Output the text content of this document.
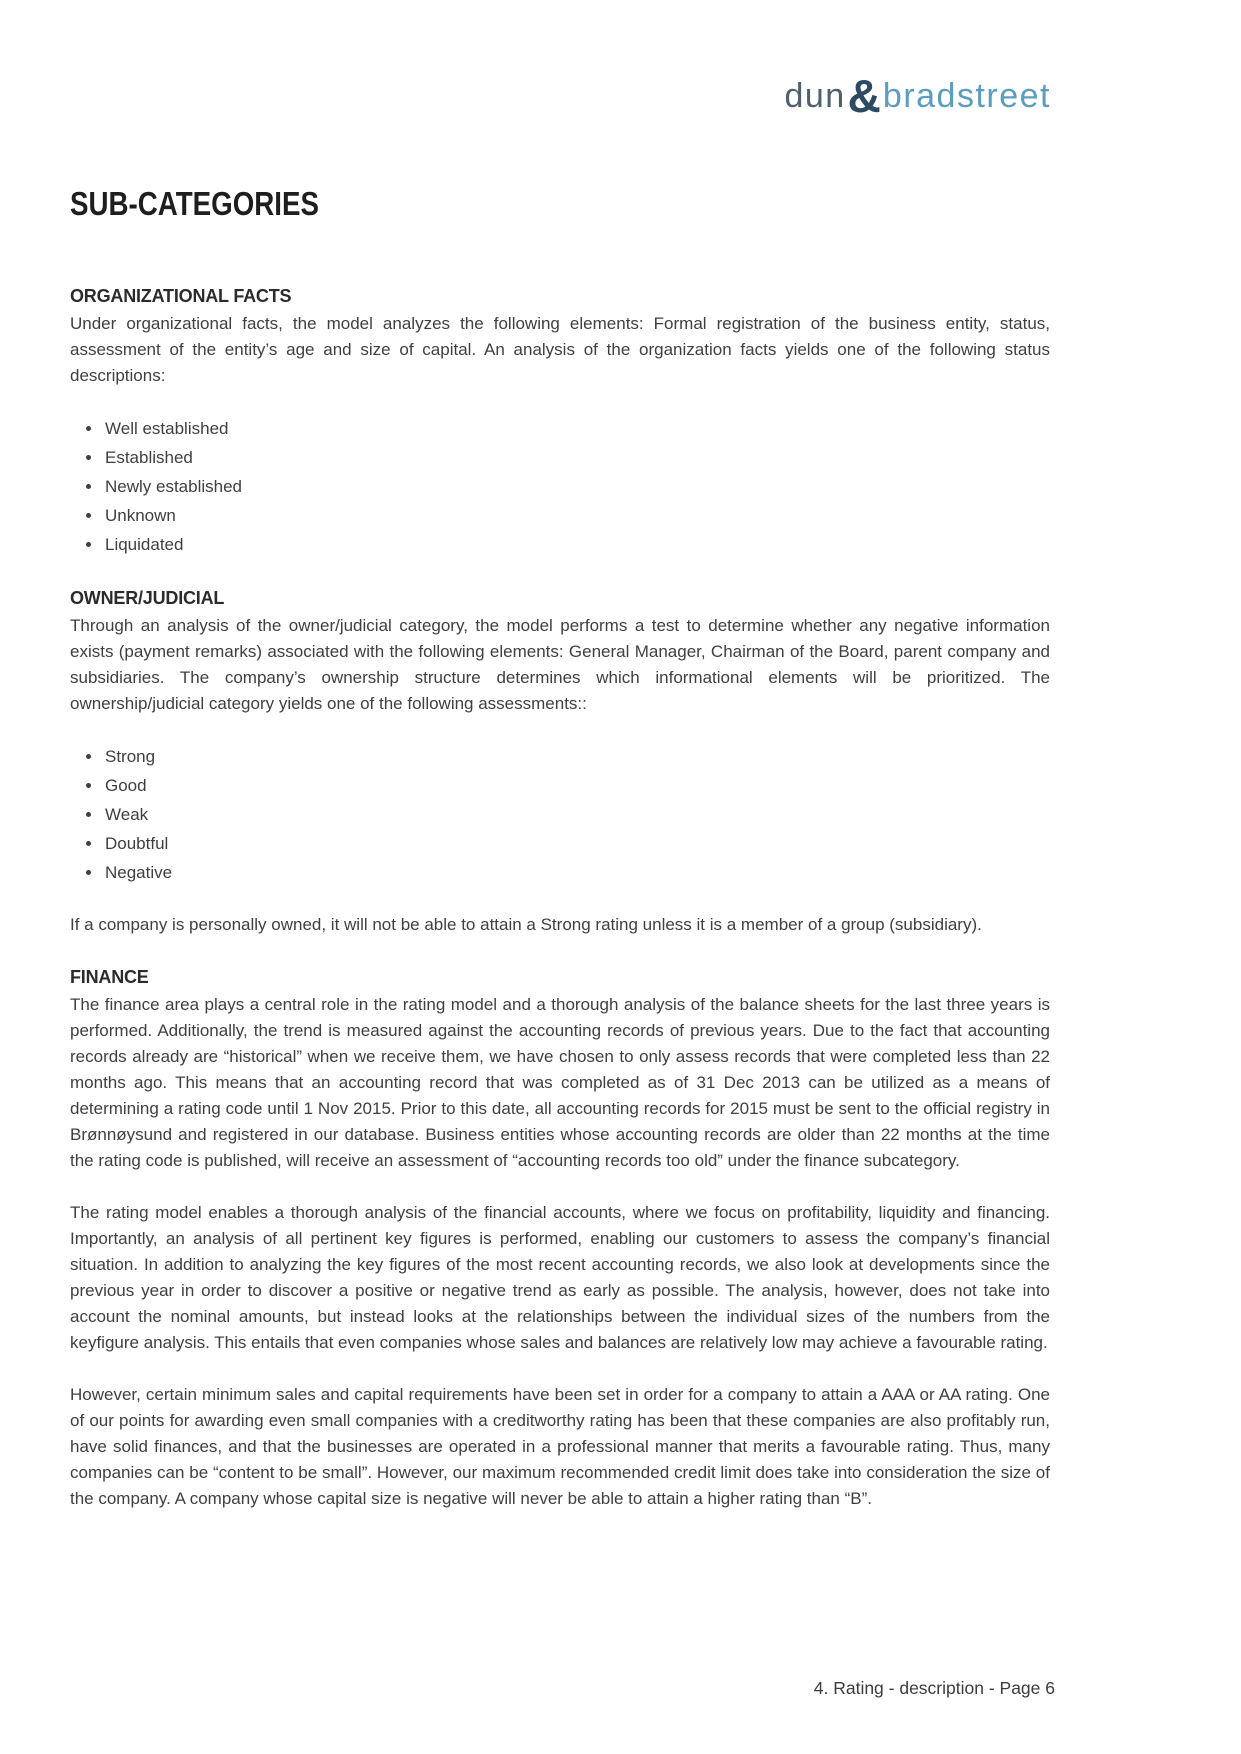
dun & bradstreet
SUB-CATEGORIES
ORGANIZATIONAL FACTS

Under organizational facts, the model analyzes the following elements: Formal registration of the business entity, status, assessment of the entity’s age and size of capital. An analysis of the organization facts yields one of the following status descriptions:

• Well established
• Established
• Newly established
• Unknown
• Liquidated
OWNER/JUDICIAL

Through an analysis of the owner/judicial category, the model performs a test to determine whether any negative information exists (payment remarks) associated with the following elements: General Manager, Chairman of the Board, parent company and subsidiaries. The company’s ownership structure determines which informational elements will be prioritized. The ownership/judicial category yields one of the following assessments::

• Strong
• Good
• Weak
• Doubtful
• Negative

If a company is personally owned, it will not be able to attain a Strong rating unless it is a member of a group (subsidiary).

FINANCE

The finance area plays a central role in the rating model and a thorough analysis of the balance sheets for the last three years is performed. Additionally, the trend is measured against the accounting records of previous years. Due to the fact that accounting records already are “historical” when we receive them, we have chosen to only assess records that were completed less than 22 months ago. This means that an accounting record that was completed as of 31 Dec 2013 can be utilized as a means of determining a rating code until 1 Nov 2015. Prior to this date, all accounting records for 2015 must be sent to the official registry in Brønnøysund and registered in our database. Business entities whose accounting records are older than 22 months at the time the rating code is published, will receive an assessment of “accounting records too old” under the finance subcategory.

The rating model enables a thorough analysis of the financial accounts, where we focus on profitability, liquidity and financing. Importantly, an analysis of all pertinent key figures is performed, enabling our customers to assess the company’s financial situation. In addition to analyzing the key figures of the most recent accounting records, we also look at developments since the previous year in order to discover a positive or negative trend as early as possible. The analysis, however, does not take into account the nominal amounts, but instead looks at the relationships between the individual sizes of the numbers from the keyfigure analysis. This entails that even companies whose sales and balances are relatively low may achieve a favourable rating.

However, certain minimum sales and capital requirements have been set in order for a company to attain a AAA or AA rating. One of our points for awarding even small companies with a creditworthy rating has been that these companies are also profitably run, have solid finances, and that the businesses are operated in a professional manner that merits a favourable rating. Thus, many companies can be “content to be small”. However, our maximum recommended credit limit does take into consideration the size of the company. A company whose capital size is negative will never be able to attain a higher rating than “B”.

4. Rating - description - Page 6
